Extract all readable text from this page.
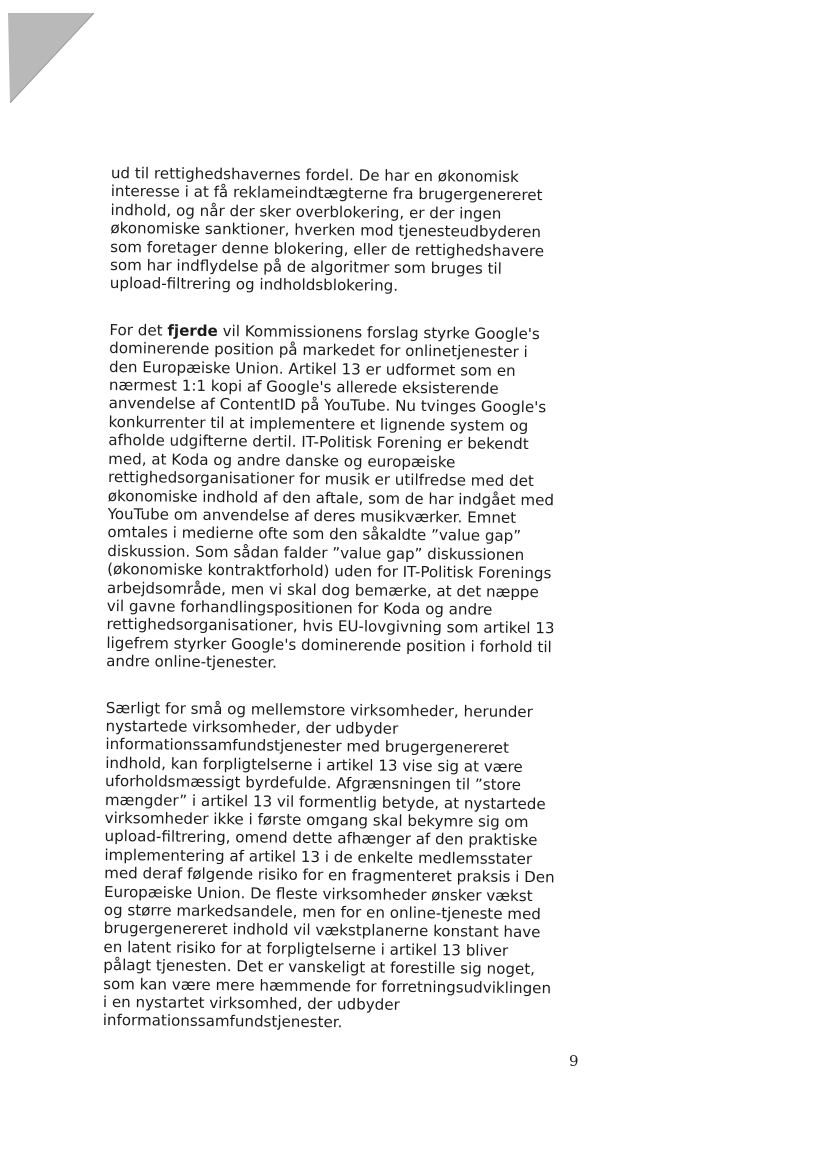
ud til rettighedshavernes fordel. De har en økonomisk
interesse i at få reklameindtægterne fra brugergenereret
indhold, og når der sker overblokering, er der ingen
økonomiske sanktioner, hverken mod tjenesteudbyderen
som foretager denne blokering, eller de rettighedshavere
som har indflydelse på de algoritmer som bruges til
upload-filtrering og indholdsblokering.

For det fjerde vil Kommissionens forslag styrke Google's
dominerende position på markedet for onlinetjenester i
den Europæiske Union. Artikel 13 er udformet som en
nærmest 1:1 kopi af Google's allerede eksisterende
anvendelse af ContentID på YouTube. Nu tvinges Google's
konkurrenter til at implementere et lignende system og
afholde udgifterne dertil. IT-Politisk Forening er bekendt
med, at Koda og andre danske og europæiske
rettighedsorganisationer for musik er utilfredse med det
økonomiske indhold af den aftale, som de har indgået med
YouTube om anvendelse af deres musikværker. Emnet
omtales i medierne ofte som den såkaldte ”value gap”
diskussion. Som sådan falder ”value gap” diskussionen
(økonomiske kontraktforhold) uden for IT-Politisk Forenings
arbejdsområde, men vi skal dog bemærke, at det næppe
vil gavne forhandlingspositionen for Koda og andre
rettighedsorganisationer, hvis EU-lovgivning som artikel 13
ligefrem styrker Google's dominerende position i forhold til
andre online-tjenester.

Særligt for små og mellemstore virksomheder, herunder
nystartede virksomheder, der udbyder
informationssamfundstjenester med brugergenereret
indhold, kan forpligtelserne i artikel 13 vise sig at være
uforholdsmæssigt byrdefulde. Afgrænsningen til ”store
mængder” i artikel 13 vil formentlig betyde, at nystartede
virksomheder ikke i første omgang skal bekymre sig om
upload-filtrering, omend dette afhænger af den praktiske
implementering af artikel 13 i de enkelte medlemsstater
med deraf følgende risiko for en fragmenteret praksis i Den
Europæiske Union. De fleste virksomheder ønsker vækst
og større markedsandele, men for en online-tjeneste med
brugergenereret indhold vil vækstplanerne konstant have
en latent risiko for at forpligtelserne i artikel 13 bliver
pålagt tjenesten. Det er vanskeligt at forestille sig noget,
som kan være mere hæmmende for forretningsudviklingen
i en nystartet virksomhed, der udbyder
informationssamfundstjenester.

9
